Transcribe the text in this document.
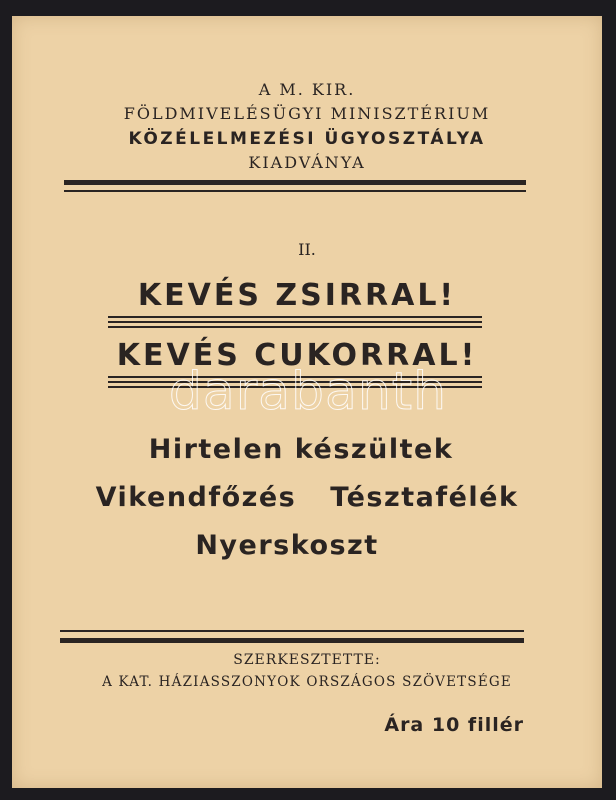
A M. KIR.
FÖLDMIVELÉSÜGYI MINISZTÉRIUM
KÖZÉLELMEZÉSI ÜGYOSZTÁLYA
KIADVÁNYA
II.
KEVÉS ZSIRRAL!
KEVÉS CUKORRAL!
Hirtelen készültek
Vikendfőzés Tésztafélék
Nyerskoszt
SZERKESZTETTE:
A KAT. HÁZIASSZONYOK ORSZÁGOS SZÖVETSÉGE
Ára 10 fillér
darabanth
